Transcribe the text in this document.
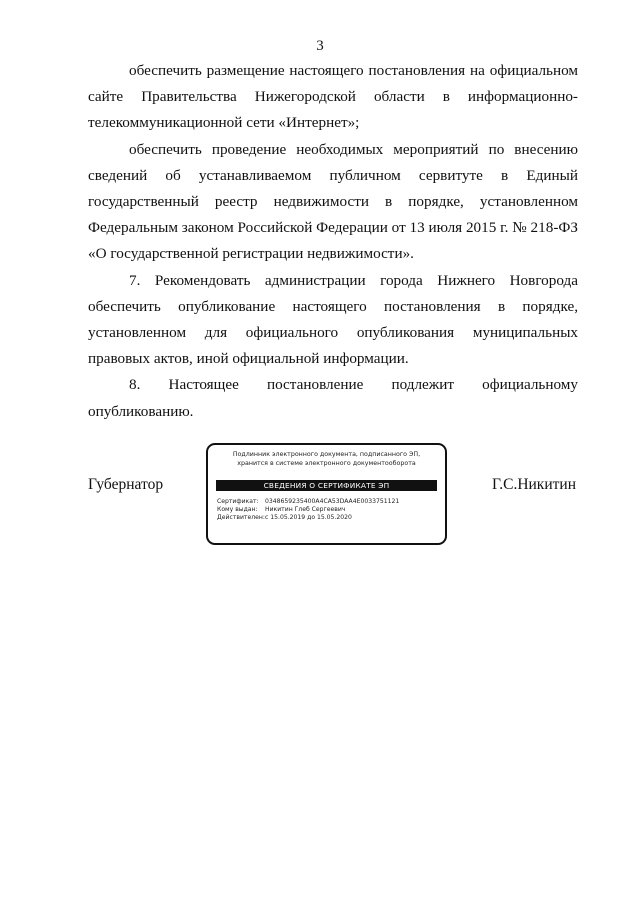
3

обеспечить размещение настоящего постановления на официальном сайте Правительства Нижегородской области в информационно-телекоммуникационной сети «Интернет»;

обеспечить проведение необходимых мероприятий по внесению сведений об устанавливаемом публичном сервитуте в Единый государственный реестр недвижимости в порядке, установленном Федеральным законом Российской Федерации от 13 июля 2015 г. № 218-ФЗ «О государственной регистрации недвижимости».

7. Рекомендовать администрации города Нижнего Новгорода обеспечить опубликование настоящего постановления в порядке, установленном для официального опубликования муниципальных правовых актов, иной официальной информации.

8. Настоящее постановление подлежит официальному опубликованию.

Губернатор
Подлинник электронного документа, подписанного ЭП,
хранится в системе электронного документооборота
СВЕДЕНИЯ О СЕРТИФИКАТЕ ЭП
Сертификат: 0348659235400A4CA53DAA4E0033751121
Кому выдан: Никитин Глеб Сергеевич
Действителен:с 15.05.2019 до 15.05.2020
Г.С.Никитин
